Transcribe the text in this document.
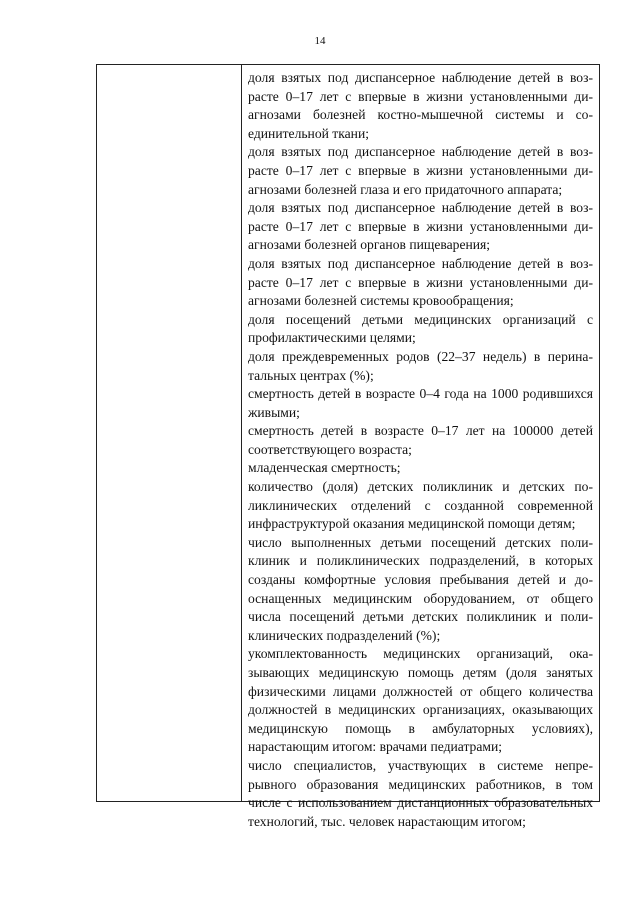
14

доля взятых под диспансерное наблюдение детей в возрасте 0–17 лет с впервые в жизни установленными диагнозами болезней костно-мышечной системы и соединительной ткани;

доля взятых под диспансерное наблюдение детей в возрасте 0–17 лет с впервые в жизни установленными диагнозами болезней глаза и его придаточного аппарата;

доля взятых под диспансерное наблюдение детей в возрасте 0–17 лет с впервые в жизни установленными диагнозами болезней органов пищеварения;

доля взятых под диспансерное наблюдение детей в возрасте 0–17 лет с впервые в жизни установленными диагнозами болезней системы кровообращения;

доля посещений детьми медицинских организаций с профилактическими целями;

доля преждевременных родов (22–37 недель) в перинатальных центрах (%);

смертность детей в возрасте 0–4 года на 1000 родившихся живыми;

смертность детей в возрасте 0–17 лет на 100000 детей соответствующего возраста;

младенческая смертность;

количество (доля) детских поликлиник и детских поликлинических отделений с созданной современной инфраструктурой оказания медицинской помощи детям;

число выполненных детьми посещений детских поликлиник и поликлинических подразделений, в которых созданы комфортные условия пребывания детей и дооснащенных медицинским оборудованием, от общего числа посещений детьми детских поликлиник и поликлинических подразделений (%);

укомплектованность медицинских организаций, оказывающих медицинскую помощь детям (доля занятых физическими лицами должностей от общего количества должностей в медицинских организациях, оказывающих медицинскую помощь в амбулаторных условиях), нарастающим итогом: врачами педиатрами;

число специалистов, участвующих в системе непрерывного образования медицинских работников, в том числе с использованием дистанционных образовательных технологий, тыс. человек нарастающим итогом;
